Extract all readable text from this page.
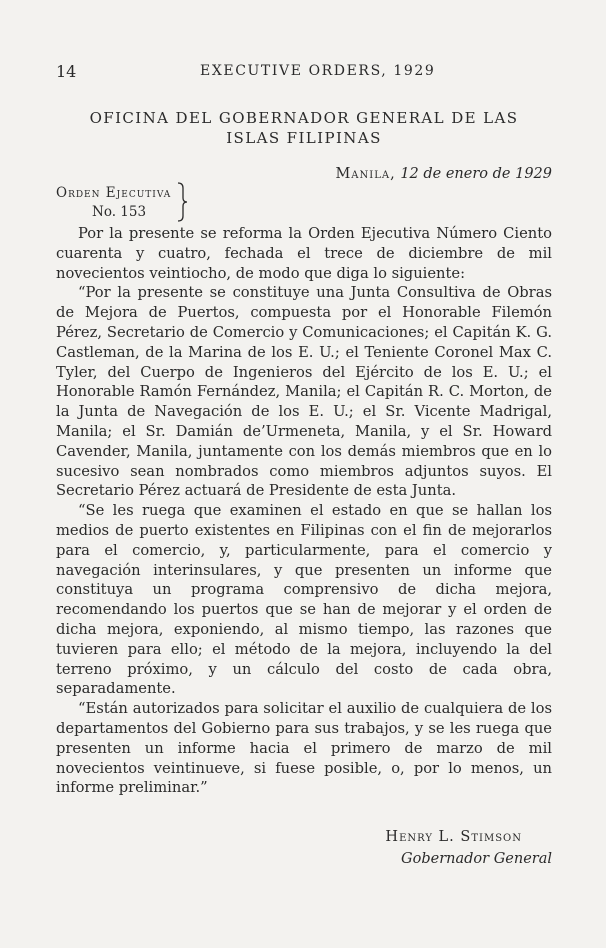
14	EXECUTIVE ORDERS, 1929
OFICINA DEL GOBERNADOR GENERAL DE LAS
ISLAS FILIPINAS
Manila, 12 de enero de 1929
Orden Ejecutiva
No. 153

Por la presente se reforma la Orden Ejecutiva Número Ciento cuarenta y cuatro, fechada el trece de diciembre de mil novecientos veintiocho, de modo que diga lo siguiente:

“Por la presente se constituye una Junta Consultiva de Obras de Mejora de Puertos, compuesta por el Honorable Filemón Pérez, Secretario de Comercio y Comunicaciones; el Capitán K. G. Castleman, de la Marina de los E. U.; el Teniente Coronel Max C. Tyler, del Cuerpo de Ingenieros del Ejército de los E. U.; el Honorable Ramón Fernández, Manila; el Capitán R. C. Morton, de la Junta de Navegación de los E. U.; el Sr. Vicente Madrigal, Manila; el Sr. Damián de’Urmeneta, Manila, y el Sr. Howard Cavender, Manila, juntamente con los demás miembros que en lo sucesivo sean nombrados como miembros adjuntos suyos. El Secretario Pérez actuará de Presidente de esta Junta.

“Se les ruega que examinen el estado en que se hallan los medios de puerto existentes en Filipinas con el fin de mejorarlos para el comercio, y, particularmente, para el comercio y navegación interinsulares, y que presenten un informe que constituya un programa comprensivo de dicha mejora, recomendando los puertos que se han de mejorar y el orden de dicha mejora, exponiendo, al mismo tiempo, las razones que tuvieren para ello; el método de la mejora, incluyendo la del terreno próximo, y un cálculo del costo de cada obra, separadamente.

“Están autorizados para solicitar el auxilio de cualquiera de los departamentos del Gobierno para sus trabajos, y se les ruega que presenten un informe hacia el primero de marzo de mil novecientos veintinueve, si fuese posible, o, por lo menos, un informe preliminar.”

Henry L. Stimson
Gobernador General
